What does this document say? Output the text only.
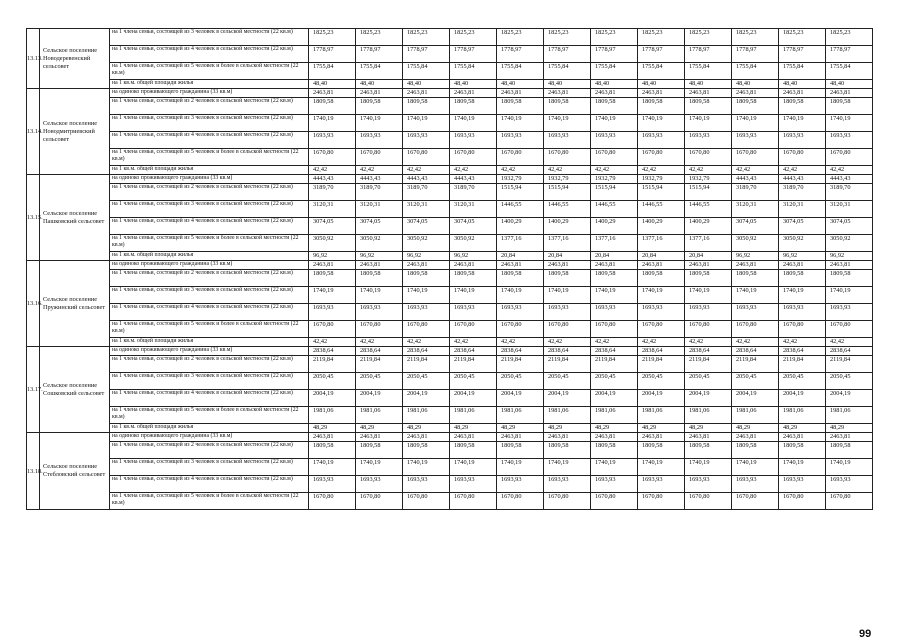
13.13.	Сельское поселение Новодеревенский сельсовет	на 1 члена семьи, состоящей из 3 человек в сельской местности (22 кв.м)	1825,23	1825,23	1825,23	1825,23	1825,23	1825,23	1825,23	1825,23	1825,23	1825,23	1825,23	1825,23
		на 1 члена семьи, состоящей из 4 человек в сельской местности (22 кв.м)	1778,97	1778,97	1778,97	1778,97	1778,97	1778,97	1778,97	1778,97	1778,97	1778,97	1778,97	1778,97
		на 1 члена семьи, состоящей из 5 человек и более в сельской местности (22 кв.м)	1755,84	1755,84	1755,84	1755,84	1755,84	1755,84	1755,84	1755,84	1755,84	1755,84	1755,84	1755,84
		на 1 кв.м. общей площади жилья	48,40	48,40	48,40	48,40	48,40	48,40	48,40	48,40	48,40	48,40	48,40	48,40
13.14.	Сельское поселение Новодмитриевский сельсовет	на одиноко проживающего гражданина (33 кв.м)	2463,81	2463,81	2463,81	2463,81	2463,81	2463,81	2463,81	2463,81	2463,81	2463,81	2463,81	2463,81
		на 1 члена семьи, состоящей из 2 человек в сельской местности (22 кв.м)	1809,58	1809,58	1809,58	1809,58	1809,58	1809,58	1809,58	1809,58	1809,58	1809,58	1809,58	1809,58
		на 1 члена семьи, состоящей из 3 человек в сельской местности (22 кв.м)	1740,19	1740,19	1740,19	1740,19	1740,19	1740,19	1740,19	1740,19	1740,19	1740,19	1740,19	1740,19
		на 1 члена семьи, состоящей из 4 человек в сельской местности (22 кв.м)	1693,93	1693,93	1693,93	1693,93	1693,93	1693,93	1693,93	1693,93	1693,93	1693,93	1693,93	1693,93
		на 1 члена семьи, состоящей из 5 человек и более в сельской местности (22 кв.м)	1670,80	1670,80	1670,80	1670,80	1670,80	1670,80	1670,80	1670,80	1670,80	1670,80	1670,80	1670,80
		на 1 кв.м. общей площади жилья	42,42	42,42	42,42	42,42	42,42	42,42	42,42	42,42	42,42	42,42	42,42	42,42
13.15.	Сельское поселение Пашковский сельсовет	на одиноко проживающего гражданина (33 кв.м)	4443,43	4443,43	4443,43	4443,43	1932,79	1932,79	1932,79	1932,79	1932,79	4443,43	4443,43	4443,43
		на 1 члена семьи, состоящей из 2 человек в сельской местности (22 кв.м)	3189,70	3189,70	3189,70	3189,70	1515,94	1515,94	1515,94	1515,94	1515,94	3189,70	3189,70	3189,70
		на 1 члена семьи, состоящей из 3 человек в сельской местности (22 кв.м)	3120,31	3120,31	3120,31	3120,31	1446,55	1446,55	1446,55	1446,55	1446,55	3120,31	3120,31	3120,31
		на 1 члена семьи, состоящей из 4 человек в сельской местности (22 кв.м)	3074,05	3074,05	3074,05	3074,05	1400,29	1400,29	1400,29	1400,29	1400,29	3074,05	3074,05	3074,05
		на 1 члена семьи, состоящей из 5 человек и более в сельской местности (22 кв.м)	3050,92	3050,92	3050,92	3050,92	1377,16	1377,16	1377,16	1377,16	1377,16	3050,92	3050,92	3050,92
		на 1 кв.м. общей площади жилья	96,92	96,92	96,92	96,92	20,84	20,84	20,84	20,84	20,84	96,92	96,92	96,92
13.16.	Сельское поселение Пружинский сельсовет	на одиноко проживающего гражданина (33 кв.м)	2463,81	2463,81	2463,81	2463,81	2463,81	2463,81	2463,81	2463,81	2463,81	2463,81	2463,81	2463,81
		на 1 члена семьи, состоящей из 2 человек в сельской местности (22 кв.м)	1809,58	1809,58	1809,58	1809,58	1809,58	1809,58	1809,58	1809,58	1809,58	1809,58	1809,58	1809,58
		на 1 члена семьи, состоящей из 3 человек в сельской местности (22 кв.м)	1740,19	1740,19	1740,19	1740,19	1740,19	1740,19	1740,19	1740,19	1740,19	1740,19	1740,19	1740,19
		на 1 члена семьи, состоящей из 4 человек в сельской местности (22 кв.м)	1693,93	1693,93	1693,93	1693,93	1693,93	1693,93	1693,93	1693,93	1693,93	1693,93	1693,93	1693,93
		на 1 члена семьи, состоящей из 5 человек и более в сельской местности (22 кв.м)	1670,80	1670,80	1670,80	1670,80	1670,80	1670,80	1670,80	1670,80	1670,80	1670,80	1670,80	1670,80
		на 1 кв.м. общей площади жилья	42,42	42,42	42,42	42,42	42,42	42,42	42,42	42,42	42,42	42,42	42,42	42,42
13.17.	Сельское поселение Сошковский сельсовет	на одиноко проживающего гражданина (33 кв.м)	2838,64	2838,64	2838,64	2838,64	2838,64	2838,64	2838,64	2838,64	2838,64	2838,64	2838,64	2838,64
		на 1 члена семьи, состоящей из 2 человек в сельской местности (22 кв.м)	2119,84	2119,84	2119,84	2119,84	2119,84	2119,84	2119,84	2119,84	2119,84	2119,84	2119,84	2119,84
		на 1 члена семьи, состоящей из 3 человек в сельской местности (22 кв.м)	2050,45	2050,45	2050,45	2050,45	2050,45	2050,45	2050,45	2050,45	2050,45	2050,45	2050,45	2050,45
		на 1 члена семьи, состоящей из 4 человек в сельской местности (22 кв.м)	2004,19	2004,19	2004,19	2004,19	2004,19	2004,19	2004,19	2004,19	2004,19	2004,19	2004,19	2004,19
		на 1 члена семьи, состоящей из 5 человек и более в сельской местности (22 кв.м)	1981,06	1981,06	1981,06	1981,06	1981,06	1981,06	1981,06	1981,06	1981,06	1981,06	1981,06	1981,06
		на 1 кв.м. общей площади жилья	48,29	48,29	48,29	48,29	48,29	48,29	48,29	48,29	48,29	48,29	48,29	48,29
13.18.	Сельское поселение Стебловский сельсовет	на одиноко проживающего гражданина (33 кв.м)	2463,81	2463,81	2463,81	2463,81	2463,81	2463,81	2463,81	2463,81	2463,81	2463,81	2463,81	2463,81
		на 1 члена семьи, состоящей из 2 человек в сельской местности (22 кв.м)	1809,58	1809,58	1809,58	1809,58	1809,58	1809,58	1809,58	1809,58	1809,58	1809,58	1809,58	1809,58
		на 1 члена семьи, состоящей из 3 человек в сельской местности (22 кв.м)	1740,19	1740,19	1740,19	1740,19	1740,19	1740,19	1740,19	1740,19	1740,19	1740,19	1740,19	1740,19
		на 1 члена семьи, состоящей из 4 человек в сельской местности (22 кв.м)	1693,93	1693,93	1693,93	1693,93	1693,93	1693,93	1693,93	1693,93	1693,93	1693,93	1693,93	1693,93
		на 1 члена семьи, состоящей из 5 человек и более в сельской местности (22 кв.м)	1670,80	1670,80	1670,80	1670,80	1670,80	1670,80	1670,80	1670,80	1670,80	1670,80	1670,80	1670,80
99
